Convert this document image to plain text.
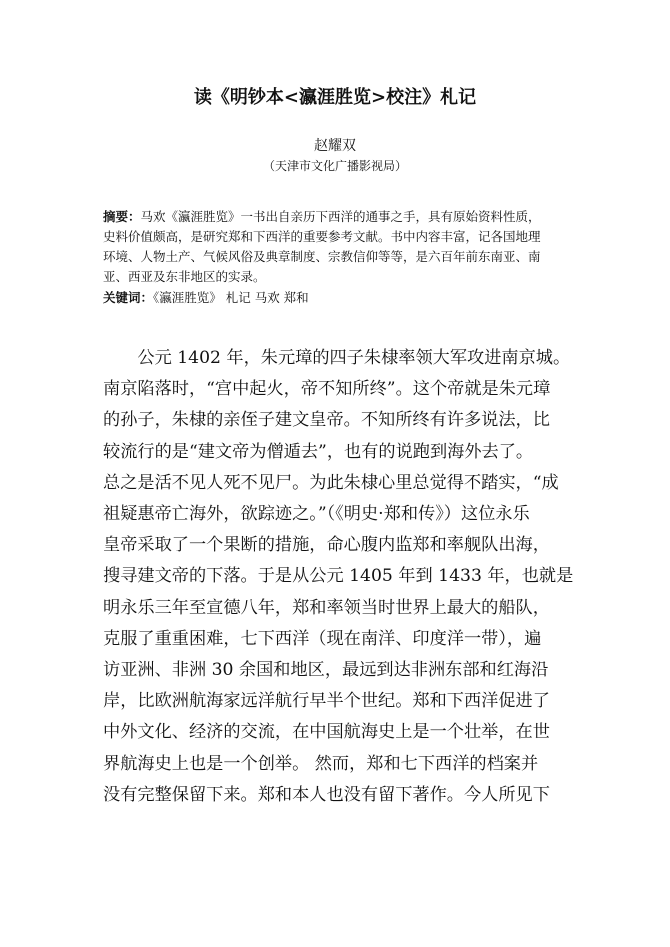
读《明钞本<瀛涯胜览>校注》札记
赵耀双
（天津市文化广播影视局）
摘要：马欢《瀛涯胜览》一书出自亲历下西洋的通事之手，具有原始资料性质，
史料价值颇高，是研究郑和下西洋的重要参考文献。书中内容丰富，记各国地理
环境、人物土产、气候风俗及典章制度、宗教信仰等等，是六百年前东南亚、南
亚、西亚及东非地区的实录。
关键词：《瀛涯胜览》 札记 马欢 郑和
　　公元 1402 年，朱元璋的四子朱棣率领大军攻进南京城。
南京陷落时，“宫中起火，帝不知所终”。这个帝就是朱元璋
的孙子，朱棣的亲侄子建文皇帝。不知所终有许多说法，比
较流行的是“建文帝为僧遁去”，也有的说跑到海外去了。
总之是活不见人死不见尸。为此朱棣心里总觉得不踏实，“成
祖疑惠帝亡海外，欲踪迹之。”（《明史·郑和传》）这位永乐
皇帝采取了一个果断的措施，命心腹内监郑和率舰队出海，
搜寻建文帝的下落。于是从公元 1405 年到 1433 年，也就是
明永乐三年至宣德八年，郑和率领当时世界上最大的船队，
克服了重重困难，七下西洋（现在南洋、印度洋一带），遍
访亚洲、非洲 30 余国和地区，最远到达非洲东部和红海沿
岸，比欧洲航海家远洋航行早半个世纪。郑和下西洋促进了
中外文化、经济的交流，在中国航海史上是一个壮举，在世
界航海史上也是一个创举。 然而，郑和七下西洋的档案并
没有完整保留下来。郑和本人也没有留下著作。今人所见下
